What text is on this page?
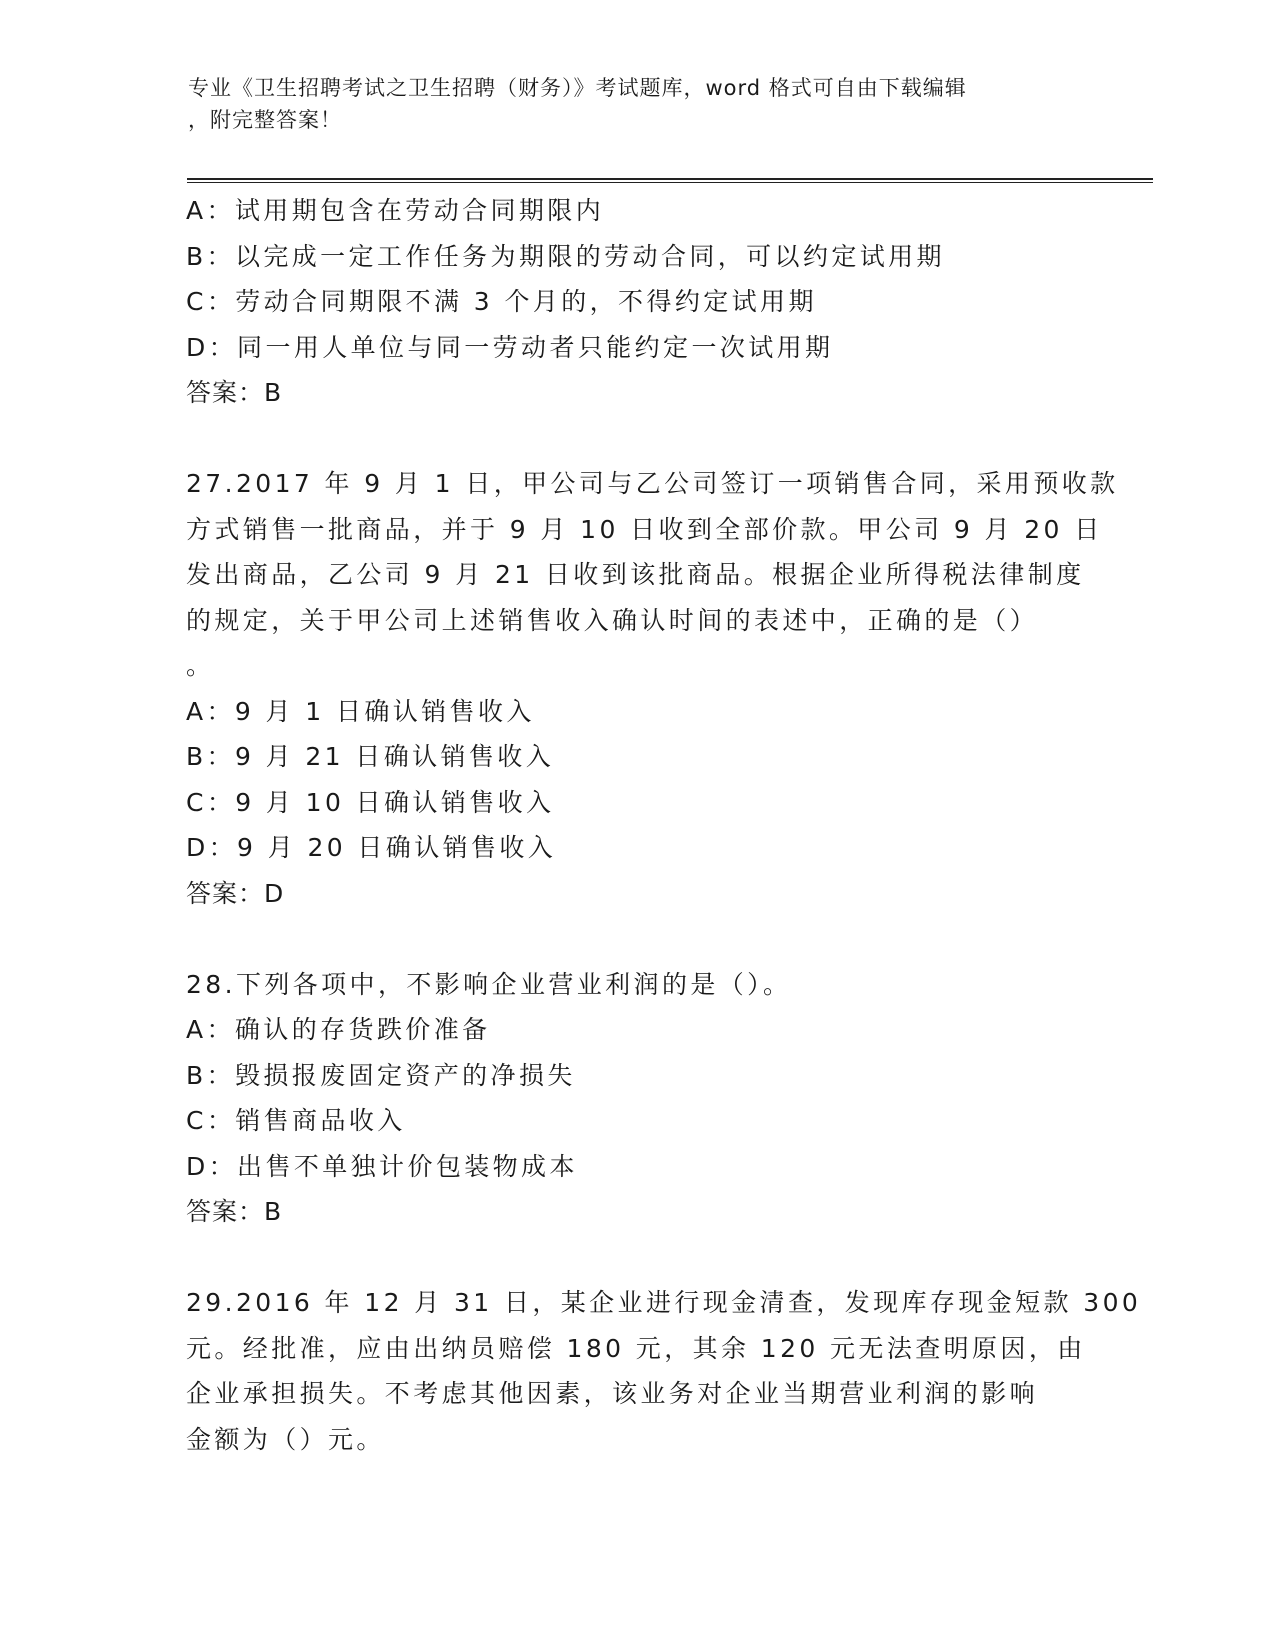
专业《卫生招聘考试之卫生招聘（财务）》考试题库，word 格式可自由下载编辑
，附完整答案！
A：试用期包含在劳动合同期限内
B：以完成一定工作任务为期限的劳动合同，可以约定试用期
C：劳动合同期限不满 3 个月的，不得约定试用期
D：同一用人单位与同一劳动者只能约定一次试用期
答案：B
27.2017 年 9 月 1 日，甲公司与乙公司签订一项销售合同，采用预收款
方式销售一批商品，并于 9 月 10 日收到全部价款。甲公司 9 月 20 日
发出商品，乙公司 9 月 21 日收到该批商品。根据企业所得税法律制度
的规定，关于甲公司上述销售收入确认时间的表述中，正确的是（）
。
A：9 月 1 日确认销售收入
B：9 月 21 日确认销售收入
C：9 月 10 日确认销售收入
D：9 月 20 日确认销售收入
答案：D
28.下列各项中，不影响企业营业利润的是（）。
A：确认的存货跌价准备
B：毁损报废固定资产的净损失
C：销售商品收入
D：出售不单独计价包装物成本
答案：B
29.2016 年 12 月 31 日，某企业进行现金清查，发现库存现金短款 300
元。经批准，应由出纳员赔偿 180 元，其余 120 元无法查明原因，由
企业承担损失。不考虑其他因素，该业务对企业当期营业利润的影响
金额为（）元。
